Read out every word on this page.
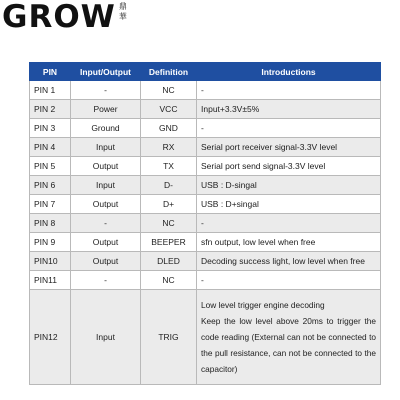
GROW 鼎 華
PIN	Input/Output	Definition	Introductions
PIN 1	-	NC	-
PIN 2	Power	VCC	Input+3.3V±5%
PIN 3	Ground	GND	-
PIN 4	Input	RX	Serial port receiver signal-3.3V level
PIN 5	Output	TX	Serial port send signal-3.3V level
PIN 6	Input	D-	USB : D-singal
PIN 7	Output	D+	USB : D+singal
PIN 8	-	NC	-
PIN 9	Output	BEEPER	sfn output, low level when free
PIN10	Output	DLED	Decoding success light, low level when free
PIN11	-	NC	-
PIN12	Input	TRIG	Low level trigger engine decoding

Keep the low level above 20ms to trigger the code reading (External can not be connected to the pull resistance, can not be connected to the capacitor)
